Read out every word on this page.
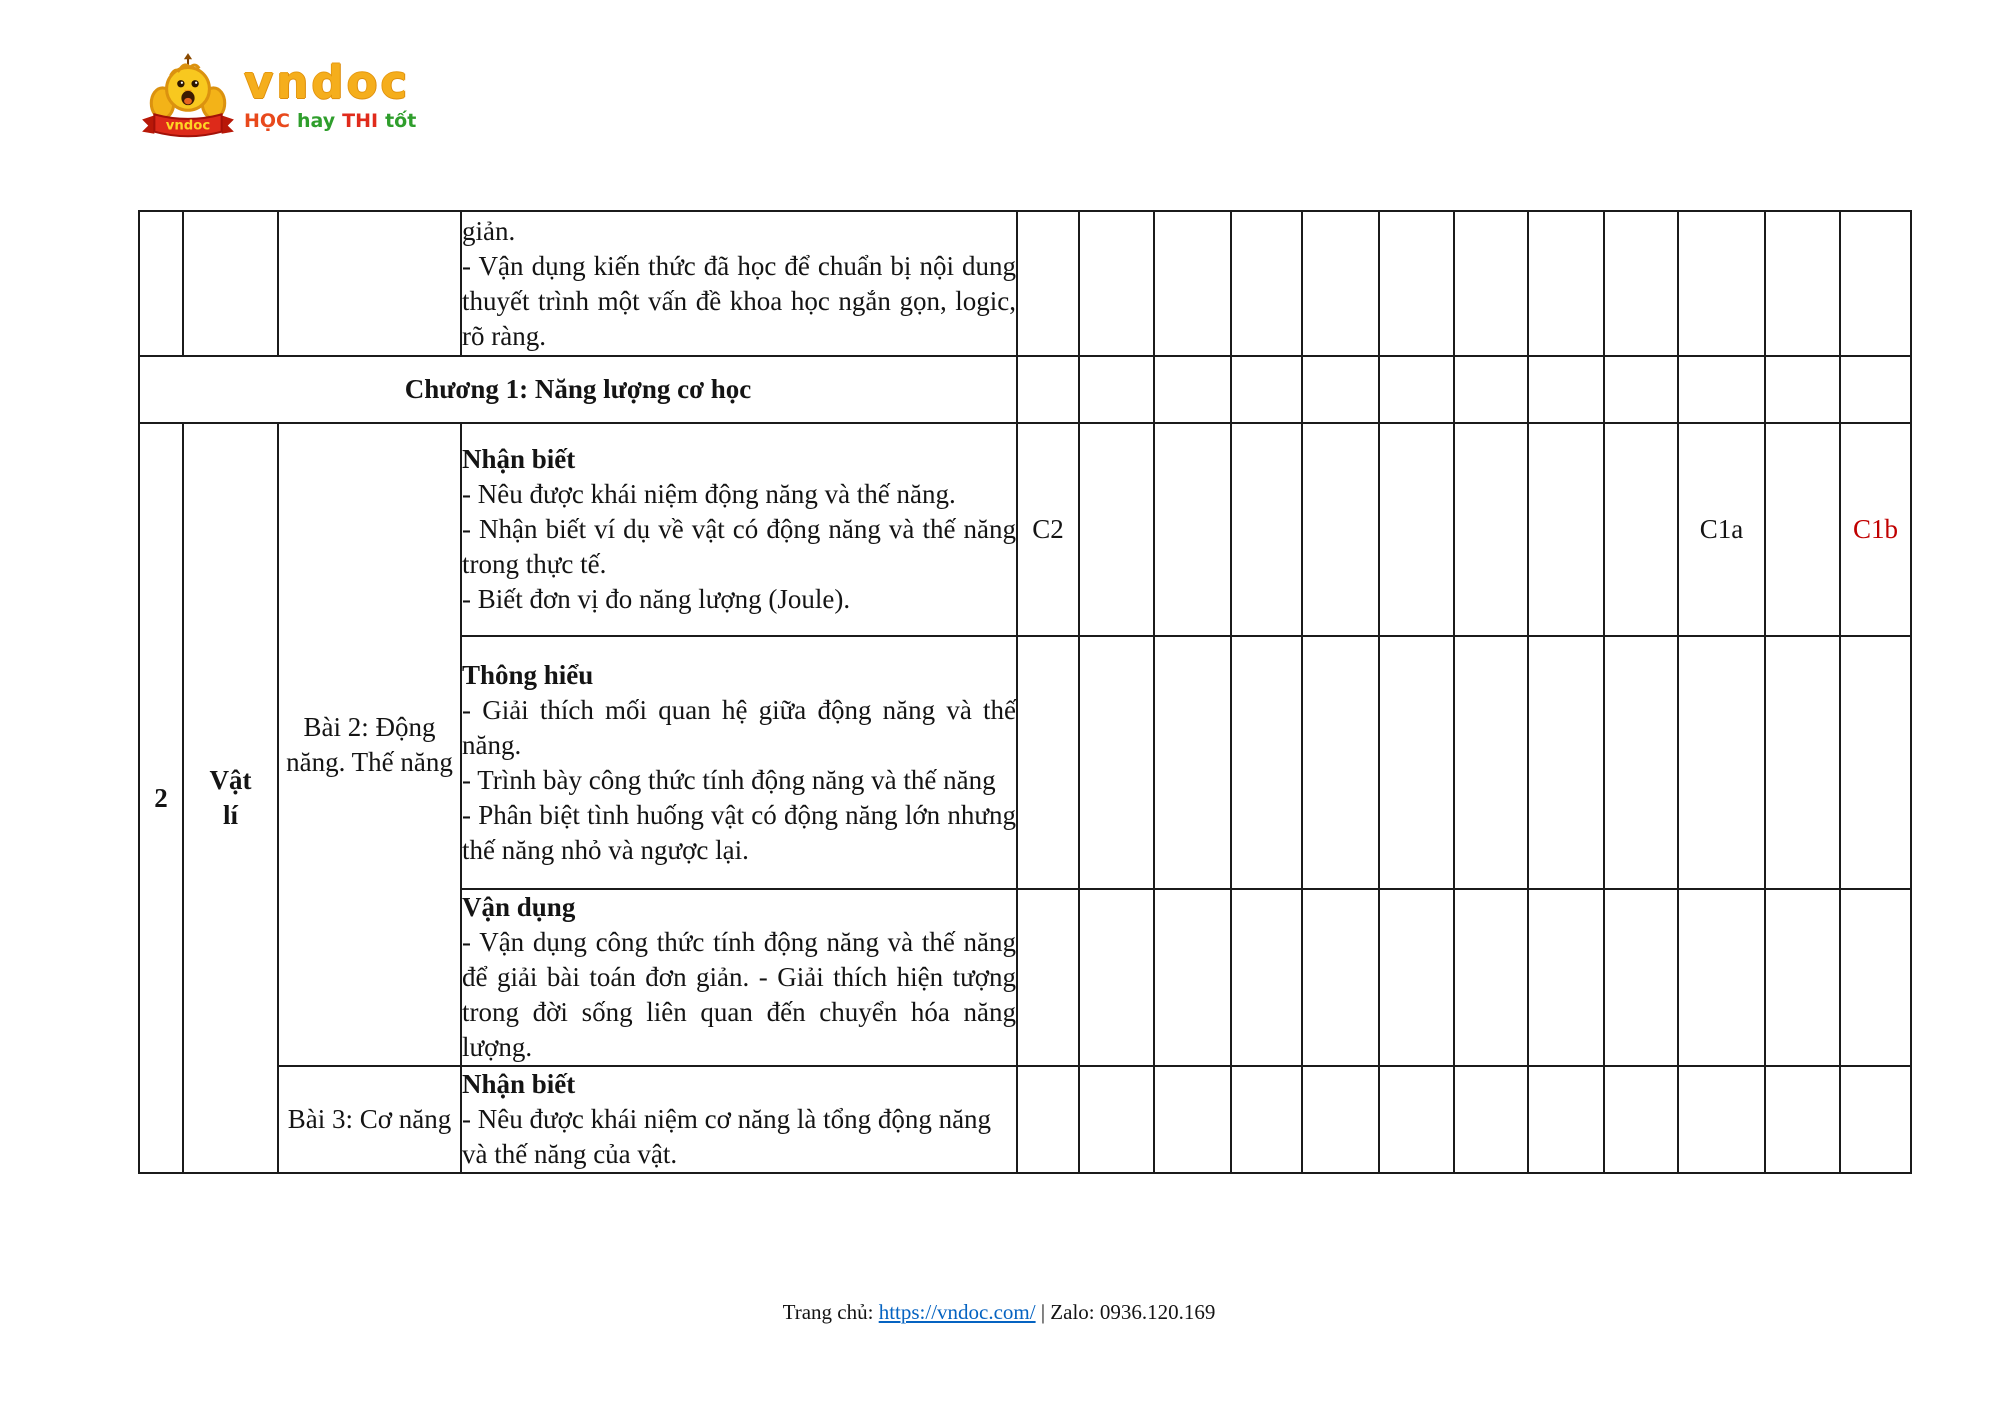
vndoc
vndoc
HỌC hay THI tốt

			giản.
- Vận dụng kiến thức đã học để chuẩn bị nội dung thuyết trình một vấn đề khoa học ngắn gọn, logic, rõ ràng.												

Chương 1: Năng lượng cơ học															
2	Vật lí	Bài 2: Động năng. Thế năng	Nhận biết
- Nêu được khái niệm động năng và thế năng.
- Nhận biết ví dụ về vật có động năng và thế năng trong thực tế.
- Biết đơn vị đo năng lượng (Joule).	C2									C1a		C1b

			Thông hiểu
- Giải thích mối quan hệ giữa động năng và thế năng.
- Trình bày công thức tính động năng và thế năng
- Phân biệt tình huống vật có động năng lớn nhưng thế năng nhỏ và ngược lại.												

			Vận dụng
- Vận dụng công thức tính động năng và thế năng để giải bài toán đơn giản. - Giải thích hiện tượng trong đời sống liên quan đến chuyển hóa năng lượng.												

		Bài 3: Cơ năng	Nhận biết
- Nêu được khái niệm cơ năng là tổng động năng và thế năng của vật.												

Trang chủ: https://vndoc.com/ | Zalo: 0936.120.169
